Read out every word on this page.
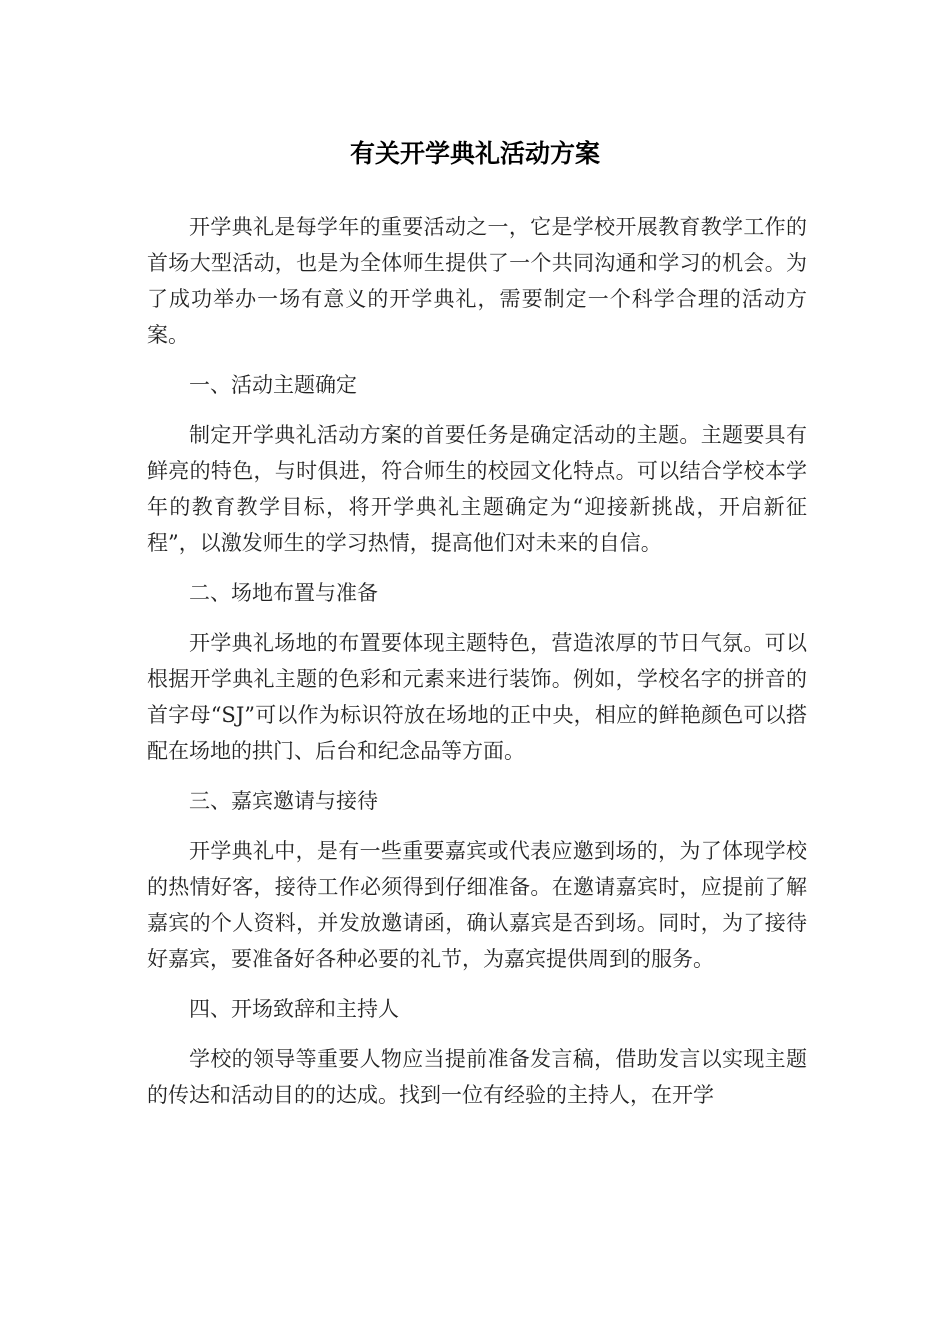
有关开学典礼活动方案

开学典礼是每学年的重要活动之一，它是学校开展教育教学工作的首场大型活动，也是为全体师生提供了一个共同沟通和学习的机会。为了成功举办一场有意义的开学典礼，需要制定一个科学合理的活动方案。

一、活动主题确定

制定开学典礼活动方案的首要任务是确定活动的主题。主题要具有鲜亮的特色，与时俱进，符合师生的校园文化特点。可以结合学校本学年的教育教学目标，将开学典礼主题确定为“迎接新挑战，开启新征程”，以激发师生的学习热情，提高他们对未来的自信。

二、场地布置与准备

开学典礼场地的布置要体现主题特色，营造浓厚的节日气氛。可以根据开学典礼主题的色彩和元素来进行装饰。例如，学校名字的拼音的首字母“SJ”可以作为标识符放在场地的正中央，相应的鲜艳颜色可以搭配在场地的拱门、后台和纪念品等方面。

三、嘉宾邀请与接待

开学典礼中，是有一些重要嘉宾或代表应邀到场的，为了体现学校的热情好客，接待工作必须得到仔细准备。在邀请嘉宾时，应提前了解嘉宾的个人资料，并发放邀请函，确认嘉宾是否到场。同时，为了接待好嘉宾，要准备好各种必要的礼节，为嘉宾提供周到的服务。

四、开场致辞和主持人

学校的领导等重要人物应当提前准备发言稿，借助发言以实现主题的传达和活动目的的达成。找到一位有经验的主持人，在开学
